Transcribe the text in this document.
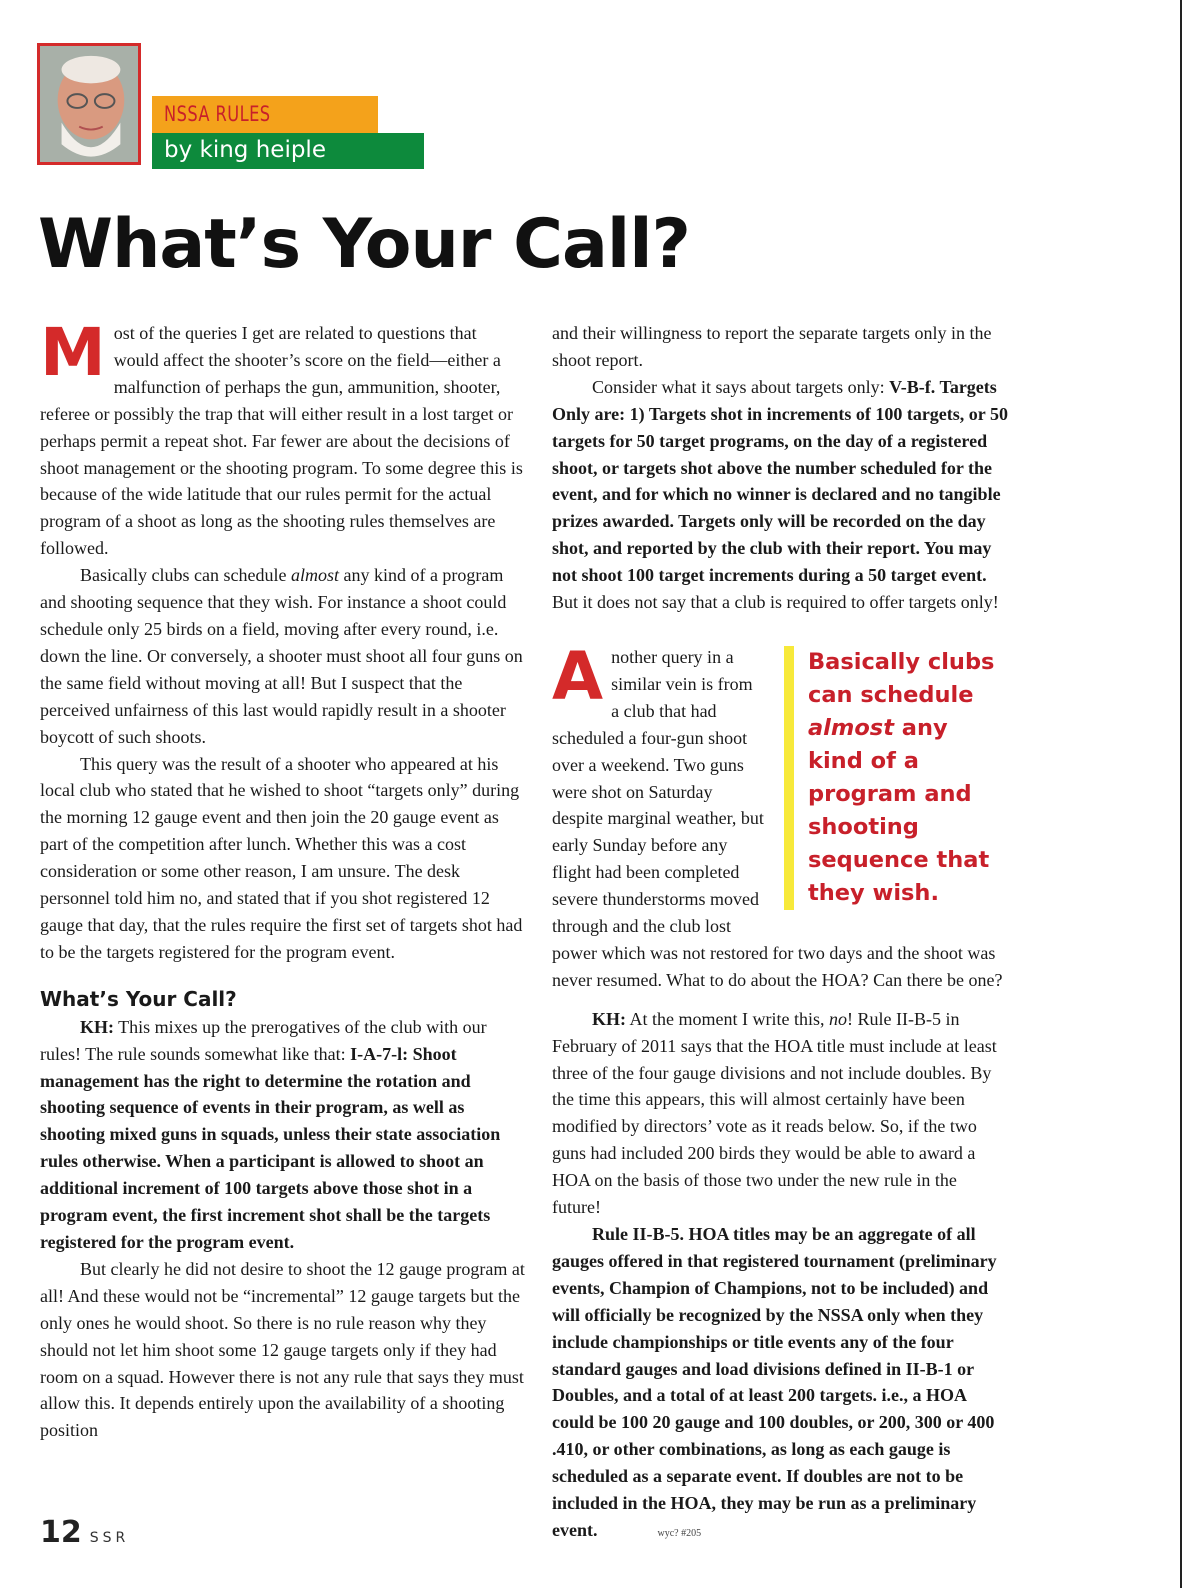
NSSA RULES
by king heiple
What’s Your Call?

Most of the queries I get are related to questions that would affect the shooter’s score on the field—either a malfunction of perhaps the gun, ammunition, shooter, referee or possibly the trap that will either result in a lost target or perhaps permit a repeat shot. Far fewer are about the decisions of shoot management or the shooting program. To some degree this is because of the wide latitude that our rules permit for the actual program of a shoot as long as the shooting rules themselves are followed.

Basically clubs can schedule almost any kind of a program and shooting sequence that they wish. For instance a shoot could schedule only 25 birds on a field, moving after every round, i.e. down the line. Or conversely, a shooter must shoot all four guns on the same field without moving at all! But I suspect that the perceived unfairness of this last would rapidly result in a shooter boycott of such shoots.

This query was the result of a shooter who appeared at his local club who stated that he wished to shoot “targets only” during the morning 12 gauge event and then join the 20 gauge event as part of the competition after lunch. Whether this was a cost consideration or some other reason, I am unsure. The desk personnel told him no, and stated that if you shot registered 12 gauge that day, that the rules require the first set of targets shot had to be the targets registered for the program event.

What’s Your Call?

KH: This mixes up the prerogatives of the club with our rules! The rule sounds somewhat like that: I-A-7-l: Shoot management has the right to determine the rotation and shooting sequence of events in their program, as well as shooting mixed guns in squads, unless their state association rules otherwise. When a participant is allowed to shoot an additional increment of 100 targets above those shot in a program event, the first increment shot shall be the targets registered for the program event.

But clearly he did not desire to shoot the 12 gauge program at all! And these would not be “incremental” 12 gauge targets but the only ones he would shoot. So there is no rule reason why they should not let him shoot some 12 gauge targets only if they had room on a squad. However there is not any rule that says they must allow this. It depends entirely upon the availability of a shooting position

and their willingness to report the separate targets only in the shoot report.

Consider what it says about targets only: V-B-f. Targets Only are: 1) Targets shot in increments of 100 targets, or 50 targets for 50 target programs, on the day of a registered shoot, or targets shot above the number scheduled for the event, and for which no winner is declared and no tangible prizes awarded. Targets only will be recorded on the day shot, and reported by the club with their report. You may not shoot 100 target increments during a 50 target event. But it does not say that a club is required to offer targets only!

A	Basically clubs can schedule almost any kind of a program and shooting sequence that they wish.
nother query in a similar vein is from a club that had scheduled a four-gun shoot over a weekend. Two guns were shot on Saturday despite marginal weather, but early Sunday before any flight had been completed severe thunderstorms moved through and the club lost power which was not restored for two days and the shoot was never resumed. What to do about the HOA? Can there be one?

KH: At the moment I write this, no! Rule II-B-5 in February of 2011 says that the HOA title must include at least three of the four gauge divisions and not include doubles. By the time this appears, this will almost certainly have been modified by directors’ vote as it reads below. So, if the two guns had included 200 birds they would be able to award a HOA on the basis of those two under the new rule in the future!

Rule II-B-5. HOA titles may be an aggregate of all gauges offered in that registered tournament (preliminary events, Champion of Champions, not to be included) and will officially be recognized by the NSSA only when they include championships or title events any of the four standard gauges and load divisions defined in II-B-1 or Doubles, and a total of at least 200 targets. i.e., a HOA could be 100 20 gauge and 100 doubles, or 200, 300 or 400 .410, or other combinations, as long as each gauge is scheduled as a separate event. If doubles are not to be included in the HOA, they may be run as a preliminary event.	wyc? #205

12 SSR
